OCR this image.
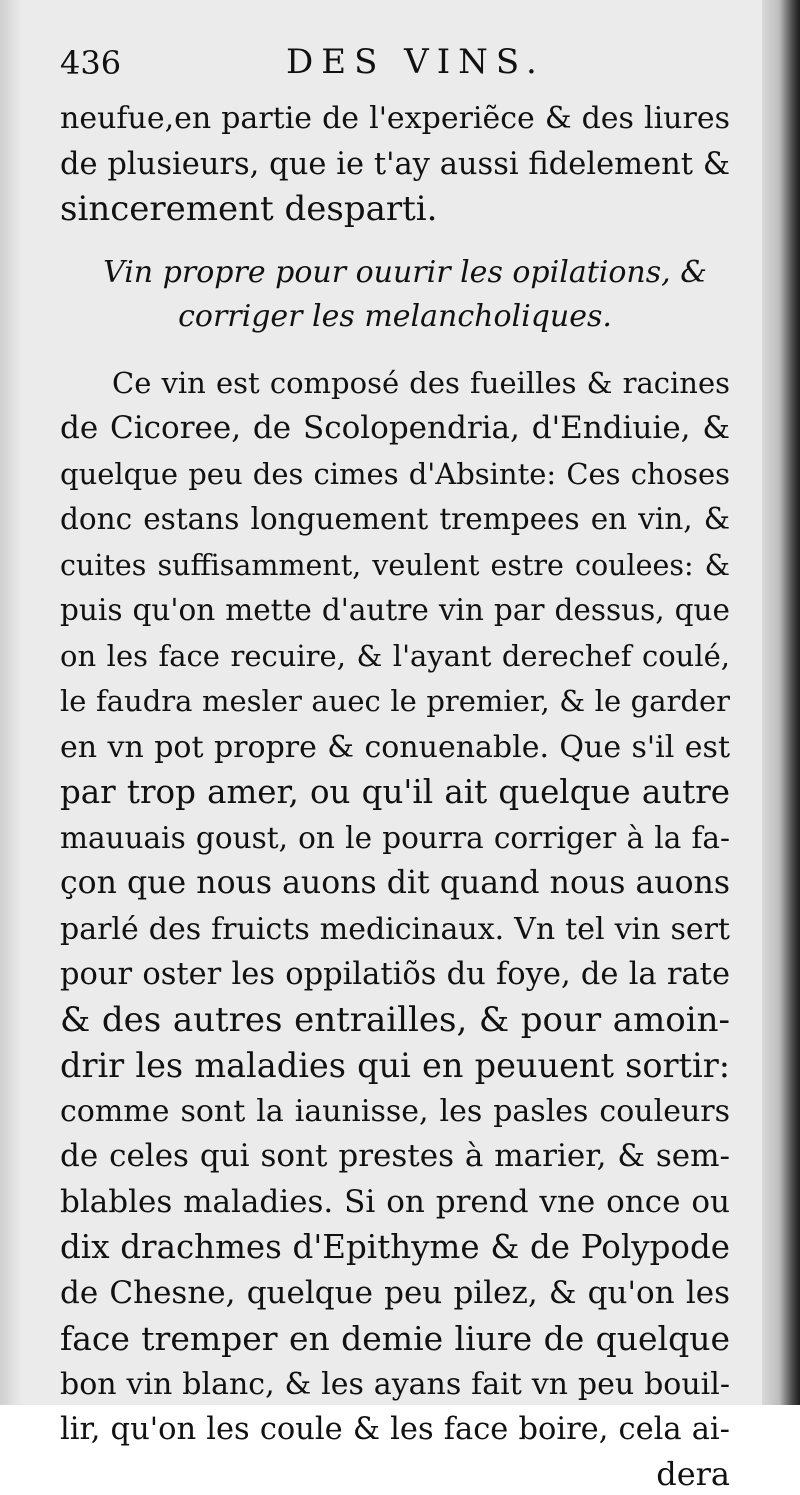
436	DES VINS.
neufue,en partie de l'experiẽce & des liures
de plusieurs, que ie t'ay aussi fidelement &
sincerement desparti.
Vin propre pour ouurir les opilations, &
corriger les melancholiques.
Ce vin est composé des fueilles & racines
de Cicoree, de Scolopendria, d'Endiuie, &
quelque peu des cimes d'Absinte: Ces choses
donc estans longuement trempees en vin, &
cuites suffisamment, veulent estre coulees: &
puis qu'on mette d'autre vin par dessus, que
on les face recuire, & l'ayant derechef coulé,
le faudra mesler auec le premier, & le garder
en vn pot propre & conuenable. Que s'il est
par trop amer, ou qu'il ait quelque autre
mauuais goust, on le pourra corriger à la fa-
çon que nous auons dit quand nous auons
parlé des fruicts medicinaux. Vn tel vin sert
pour oster les oppilatiõs du foye, de la rate
& des autres entrailles, & pour amoin-
drir les maladies qui en peuuent sortir:
comme sont la iaunisse, les pasles couleurs
de celes qui sont prestes à marier, & sem-
blables maladies. Si on prend vne once ou
dix drachmes d'Epithyme & de Polypode
de Chesne, quelque peu pilez, & qu'on les
face tremper en demie liure de quelque
bon vin blanc, & les ayans fait vn peu bouil-
lir, qu'on les coule & les face boire, cela ai-
dera
